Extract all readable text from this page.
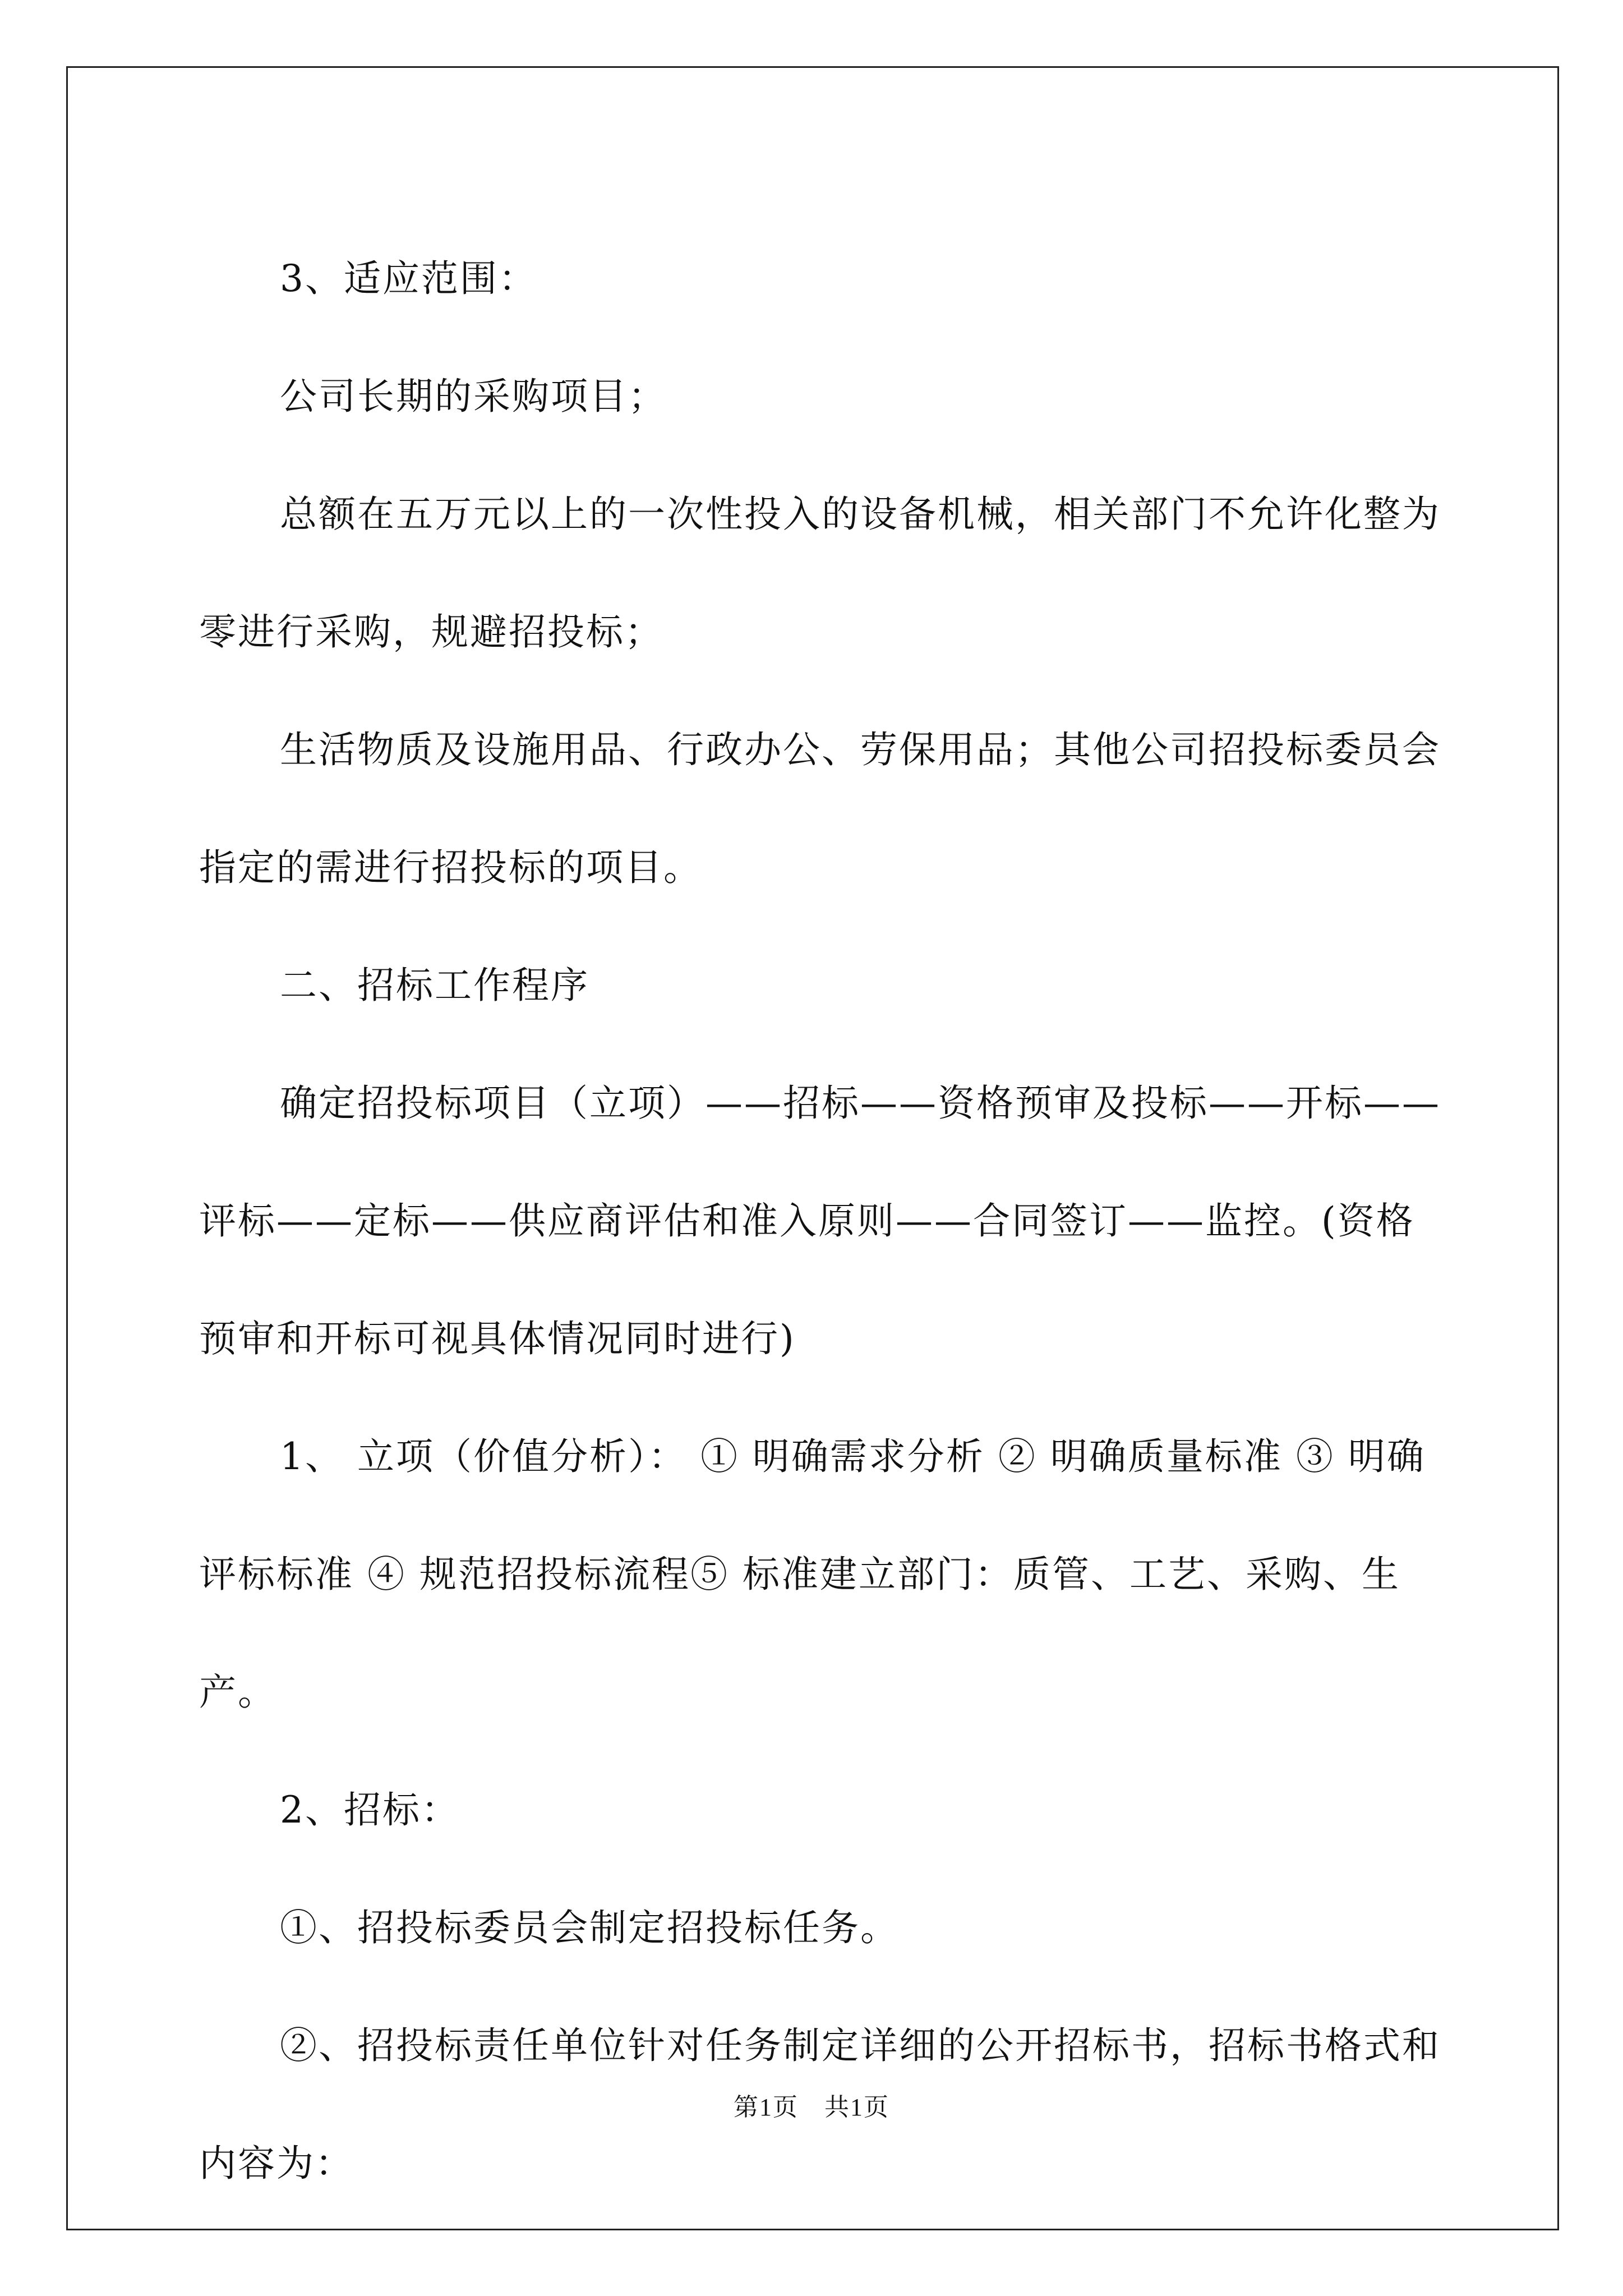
3、适应范围：

公司长期的采购项目；

总额在五万元以上的一次性投入的设备机械，相关部门不允许化整为零进行采购，规避招投标；

生活物质及设施用品、行政办公、劳保用品；其他公司招投标委员会指定的需进行招投标的项目。

二、招标工作程序

确定招投标项目（立项）——招标——资格预审及投标——开标——评标——定标——供应商评估和准入原则——合同签订——监控。(资格预审和开标可视具体情况同时进行)

1、 立项（价值分析）： ① 明确需求分析 ② 明确质量标准 ③ 明确评标标准 ④ 规范招投标流程⑤ 标准建立部门：质管、工艺、采购、生产。

2、招标：

①、招投标委员会制定招投标任务。

②、招投标责任单位针对任务制定详细的公开招标书，招标书格式和内容为：

第1页　共1页
